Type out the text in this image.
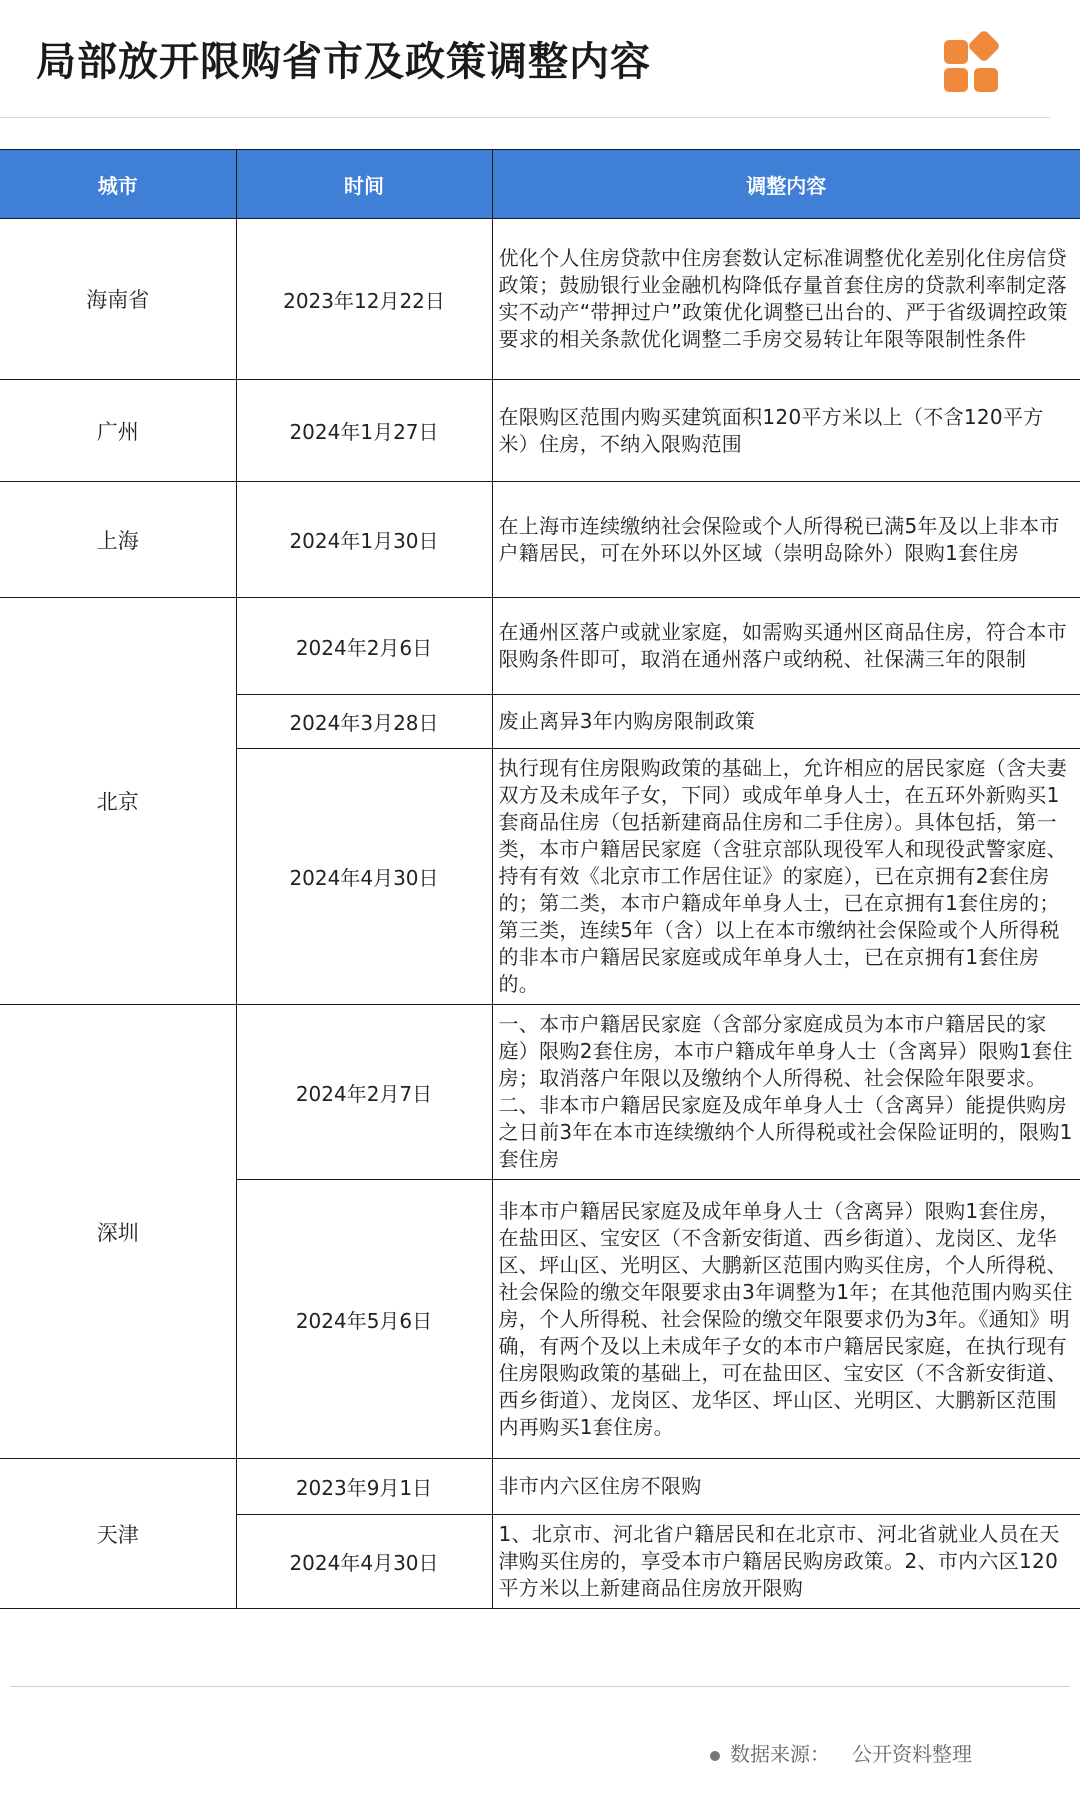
局部放开限购省市及政策调整内容
城市	时间	调整内容
海南省	2023年12月22日	优化个人住房贷款中住房套数认定标准调整优化差别化住房信贷政策；鼓励银行业金融机构降低存量首套住房的贷款利率制定落实不动产“带押过户”政策优化调整已出台的、严于省级调控政策要求的相关条款优化调整二手房交易转让年限等限制性条件
广州	2024年1月27日	在限购区范围内购买建筑面积120平方米以上（不含120平方米）住房，不纳入限购范围
上海	2024年1月30日	在上海市连续缴纳社会保险或个人所得税已满5年及以上非本市户籍居民，可在外环以外区域（崇明岛除外）限购1套住房
北京	2024年2月6日	在通州区落户或就业家庭，如需购买通州区商品住房，符合本市限购条件即可，取消在通州落户或纳税、社保满三年的限制
	2024年3月28日	废止离异3年内购房限制政策
	2024年4月30日	执行现有住房限购政策的基础上，允许相应的居民家庭（含夫妻双方及未成年子女，下同）或成年单身人士，在五环外新购买1套商品住房（包括新建商品住房和二手住房）。具体包括，第一类，本市户籍居民家庭（含驻京部队现役军人和现役武警家庭、持有有效《北京市工作居住证》的家庭），已在京拥有2套住房的；第二类，本市户籍成年单身人士，已在京拥有1套住房的；第三类，连续5年（含）以上在本市缴纳社会保险或个人所得税的非本市户籍居民家庭或成年单身人士，已在京拥有1套住房的。
深圳	2024年2月7日	一、本市户籍居民家庭（含部分家庭成员为本市户籍居民的家庭）限购2套住房，本市户籍成年单身人士（含离异）限购1套住房；取消落户年限以及缴纳个人所得税、社会保险年限要求。二、非本市户籍居民家庭及成年单身人士（含离异）能提供购房之日前3年在本市连续缴纳个人所得税或社会保险证明的，限购1套住房
	2024年5月6日	非本市户籍居民家庭及成年单身人士（含离异）限购1套住房，在盐田区、宝安区（不含新安街道、西乡街道）、龙岗区、龙华区、坪山区、光明区、大鹏新区范围内购买住房，个人所得税、社会保险的缴交年限要求由3年调整为1年；在其他范围内购买住房，个人所得税、社会保险的缴交年限要求仍为3年。《通知》明确，有两个及以上未成年子女的本市户籍居民家庭，在执行现有住房限购政策的基础上，可在盐田区、宝安区（不含新安街道、西乡街道）、龙岗区、龙华区、坪山区、光明区、大鹏新区范围内再购买1套住房。
天津	2023年9月1日	非市内六区住房不限购
	2024年4月30日	1、北京市、河北省户籍居民和在北京市、河北省就业人员在天津购买住房的，享受本市户籍居民购房政策。2、市内六区120平方米以上新建商品住房放开限购
数据来源： 公开资料整理
